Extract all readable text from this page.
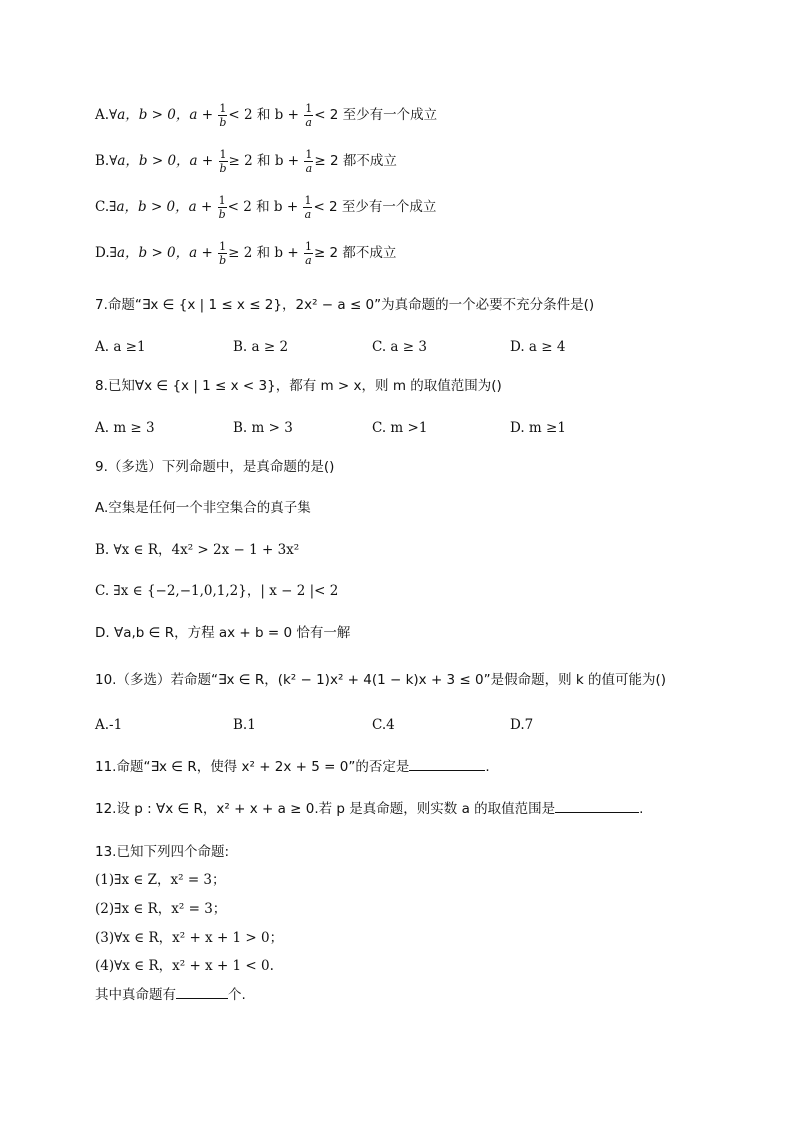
A.∀a，b > 0，$a + \frac{1}{b} < 2$ 和 $b + \frac{1}{a} < 2$ 至少有一个成立
B.∀a，b > 0，$a + \frac{1}{b} \ge 2$ 和 $b + \frac{1}{a} \ge 2$ 都不成立
C.∃a，b > 0，$a + \frac{1}{b} < 2$ 和 $b + \frac{1}{a} < 2$ 至少有一个成立
D.∃a，b > 0，$a + \frac{1}{b} \ge 2$ 和 $b + \frac{1}{a} \ge 2$ 都不成立
7.命题“∃x ∈ {x | 1 ≤ x ≤ 2}，2x² − a ≤ 0”为真命题的一个必要不充分条件是()
A. a ≥1	B. a ≥ 2	C. a ≥ 3	D. a ≥ 4
8.已知∀x ∈ {x | 1 ≤ x < 3}，都有 m > x，则 m 的取值范围为()
A. m ≥ 3	B. m > 3	C. m >1	D. m ≥1
9.（多选）下列命题中，是真命题的是()
A.空集是任何一个非空集合的真子集
B. ∀x ∈ R，4x² > 2x − 1 + 3x²
C. ∃x ∈ {−2,−1,0,1,2}，| x − 2 |< 2
D. ∀a,b ∈ R，方程 ax + b = 0 恰有一解
10.（多选）若命题“∃x ∈ R，(k² − 1)x² + 4(1 − k)x + 3 ≤ 0”是假命题，则 k 的值可能为()
A.-1	B.1	C.4	D.7
11.命题“∃x ∈ R，使得 x² + 2x + 5 = 0”的否定是	.
12.设 p : ∀x ∈ R，x² + x + a ≥ 0.若 p 是真命题，则实数 a 的取值范围是	.
13.已知下列四个命题:
(1)∃x ∈ Z，x² = 3；
(2)∃x ∈ R，x² = 3；
(3)∀x ∈ R，x² + x + 1 > 0；
(4)∀x ∈ R，x² + x + 1 < 0.
其中真命题有	个.
